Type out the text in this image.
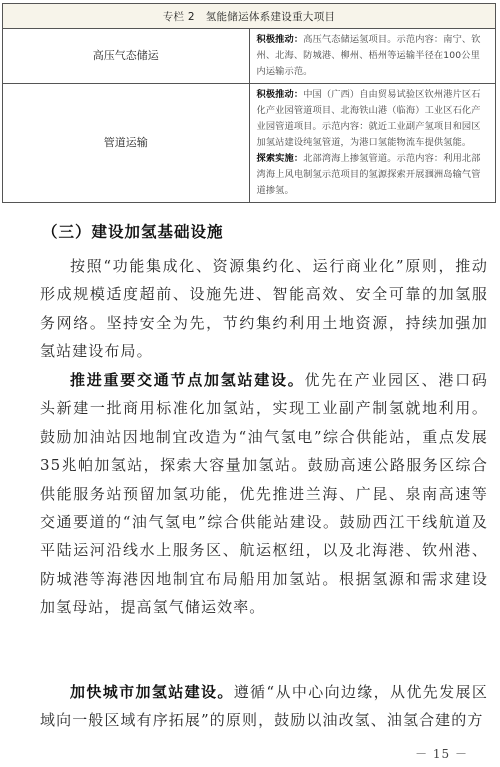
专栏 2　氢能储运体系建设重大项目	
高压气态储运	积极推动：高压气态储运氢项目。示范内容：南宁、钦州、北海、防城港、柳州、梧州等运输半径在100公里内运输示范。

管道运输	积极推动：中国（广西）自由贸易试验区钦州港片区石化产业园管道项目、北海铁山港（临海）工业区石化产业园管道项目。示范内容：就近工业副产氢项目和园区加氢站建设纯氢管道，为港口氢能物流车提供氢能。

探索实施：北部湾海上掺氢管道。示范内容：利用北部湾海上风电制氢示范项目的氢源探索开展涠洲岛输气管道掺氢。

（三）建设加氢基础设施

按照“功能集成化、资源集约化、运行商业化”原则，推动形成规模适度超前、设施先进、智能高效、安全可靠的加氢服务网络。坚持安全为先，节约集约利用土地资源，持续加强加氢站建设布局。

推进重要交通节点加氢站建设。优先在产业园区、港口码头新建一批商用标准化加氢站，实现工业副产制氢就地利用。鼓励加油站因地制宜改造为“油气氢电”综合供能站，重点发展35兆帕加氢站，探索大容量加氢站。鼓励高速公路服务区综合供能服务站预留加氢功能，优先推进兰海、广昆、泉南高速等交通要道的“油气氢电”综合供能站建设。鼓励西江干线航道及平陆运河沿线水上服务区、航运枢纽，以及北海港、钦州港、防城港等海港因地制宜布局船用加氢站。根据氢源和需求建设加氢母站，提高氢气储运效率。

加快城市加氢站建设。遵循“从中心向边缘，从优先发展区域向一般区域有序拓展”的原则，鼓励以油改氢、油氢合建的方

－ 15 －
